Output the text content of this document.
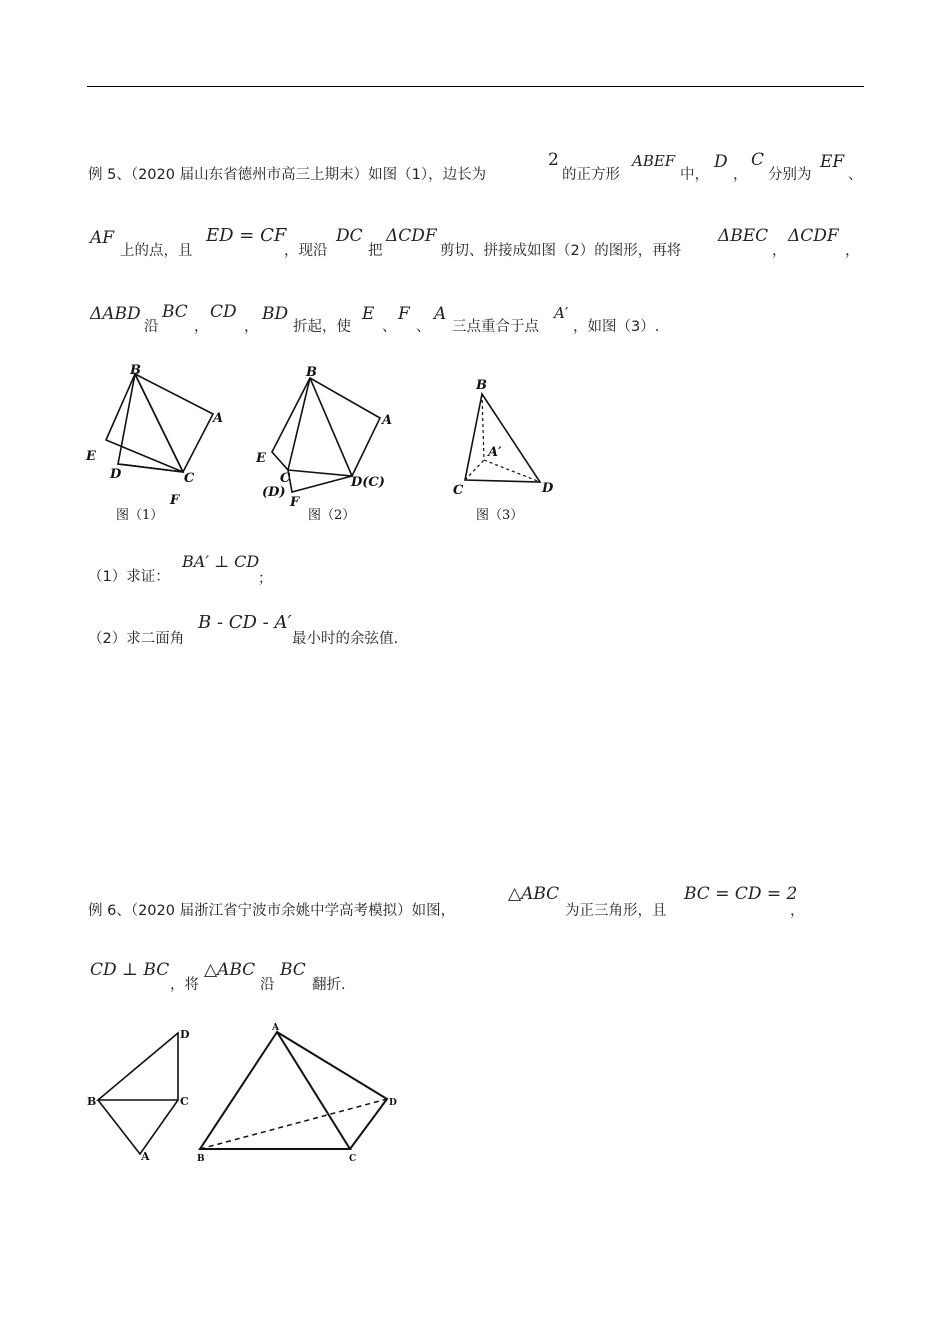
例 5、（2020 届山东省德州市高三上期末）如图（1），边长为
2
的正方形
ABEF
中，
D
，
C
分别为
EF
、
AF
上的点，且
ED = CF
，现沿
DC
把
ΔCDF
剪切、拼接成如图（2）的图形，再将
ΔBEC
，
ΔCDF
，
ΔABD
沿
BC
，
CD
，
BD
折起，使
E
、
F
、
A
三点重合于点
A′
，如图（3）.
B
A
E
D	C
F
图（1）
B
A
E
C
(D)
F
D(C)
图（2）
B
A′
C	D
图（3）
（1）求证：
BA′ ⊥ CD
；
（2）求二面角
B - CD - A′
最小时的余弦值.
例 6、（2020 届浙江省宁波市余姚中学高考模拟）如图，
△ABC
为正三角形，且
BC = CD = 2
，
CD ⊥ BC
，将
△ABC
沿
BC
翻折.
D
B	C
A
A
D
B	C
